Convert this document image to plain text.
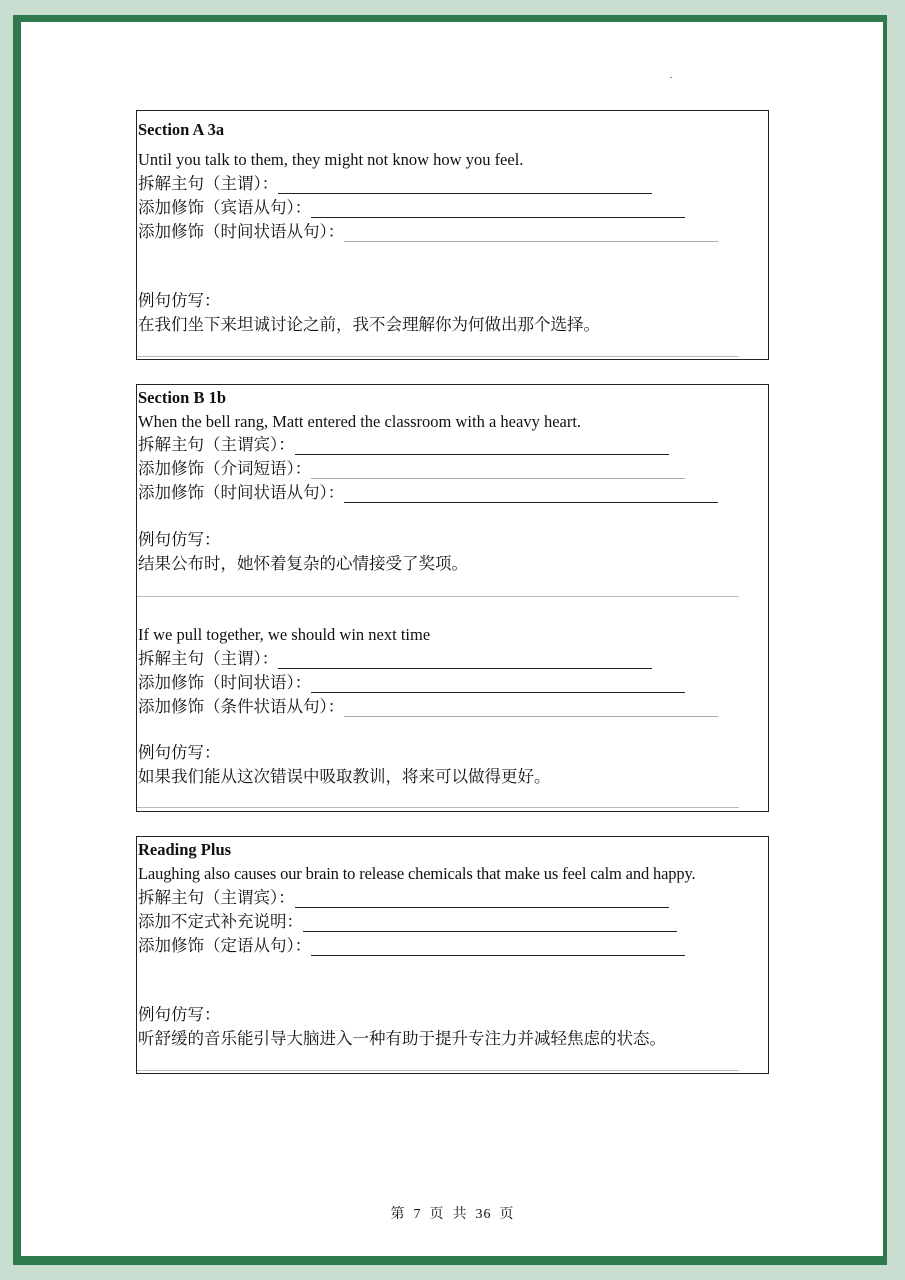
Section A 3a
Until you talk to them, they might not know how you feel.
拆解主句（主谓）：
添加修饰（宾语从句）：
添加修饰（时间状语从句）：
例句仿写：
在我们坐下来坦诚讨论之前，我不会理解你为何做出那个选择。
Section B 1b
When the bell rang, Matt entered the classroom with a heavy heart.
拆解主句（主谓宾）：
添加修饰（介词短语）：
添加修饰（时间状语从句）：
例句仿写：
结果公布时，她怀着复杂的心情接受了奖项。
If we pull together, we should win next time
拆解主句（主谓）：
添加修饰（时间状语）：
添加修饰（条件状语从句）：
例句仿写：
如果我们能从这次错误中吸取教训，将来可以做得更好。
Reading Plus
Laughing also causes our brain to release chemicals that make us feel calm and happy.
拆解主句（主谓宾）：
添加不定式补充说明：
添加修饰（定语从句）：
例句仿写：
听舒缓的音乐能引导大脑进入一种有助于提升专注力并减轻焦虑的状态。
第 7 页 共 36 页
